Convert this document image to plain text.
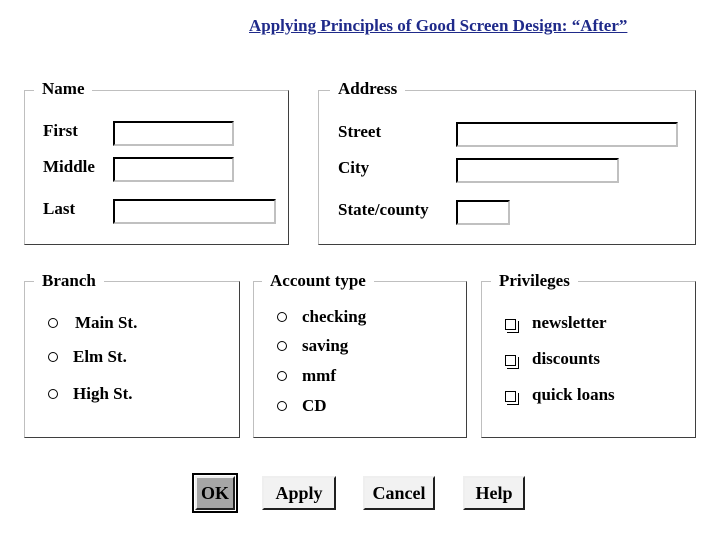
Applying Principles of Good Screen Design: “After”
Name
First
Middle
Last
Address
Street
City
State/county
Branch
Main St.
Elm St.
High St.
Account type
checking
saving
mmf
CD
Privileges
newsletter
discounts
quick loans
OK	Apply	Cancel	Help
